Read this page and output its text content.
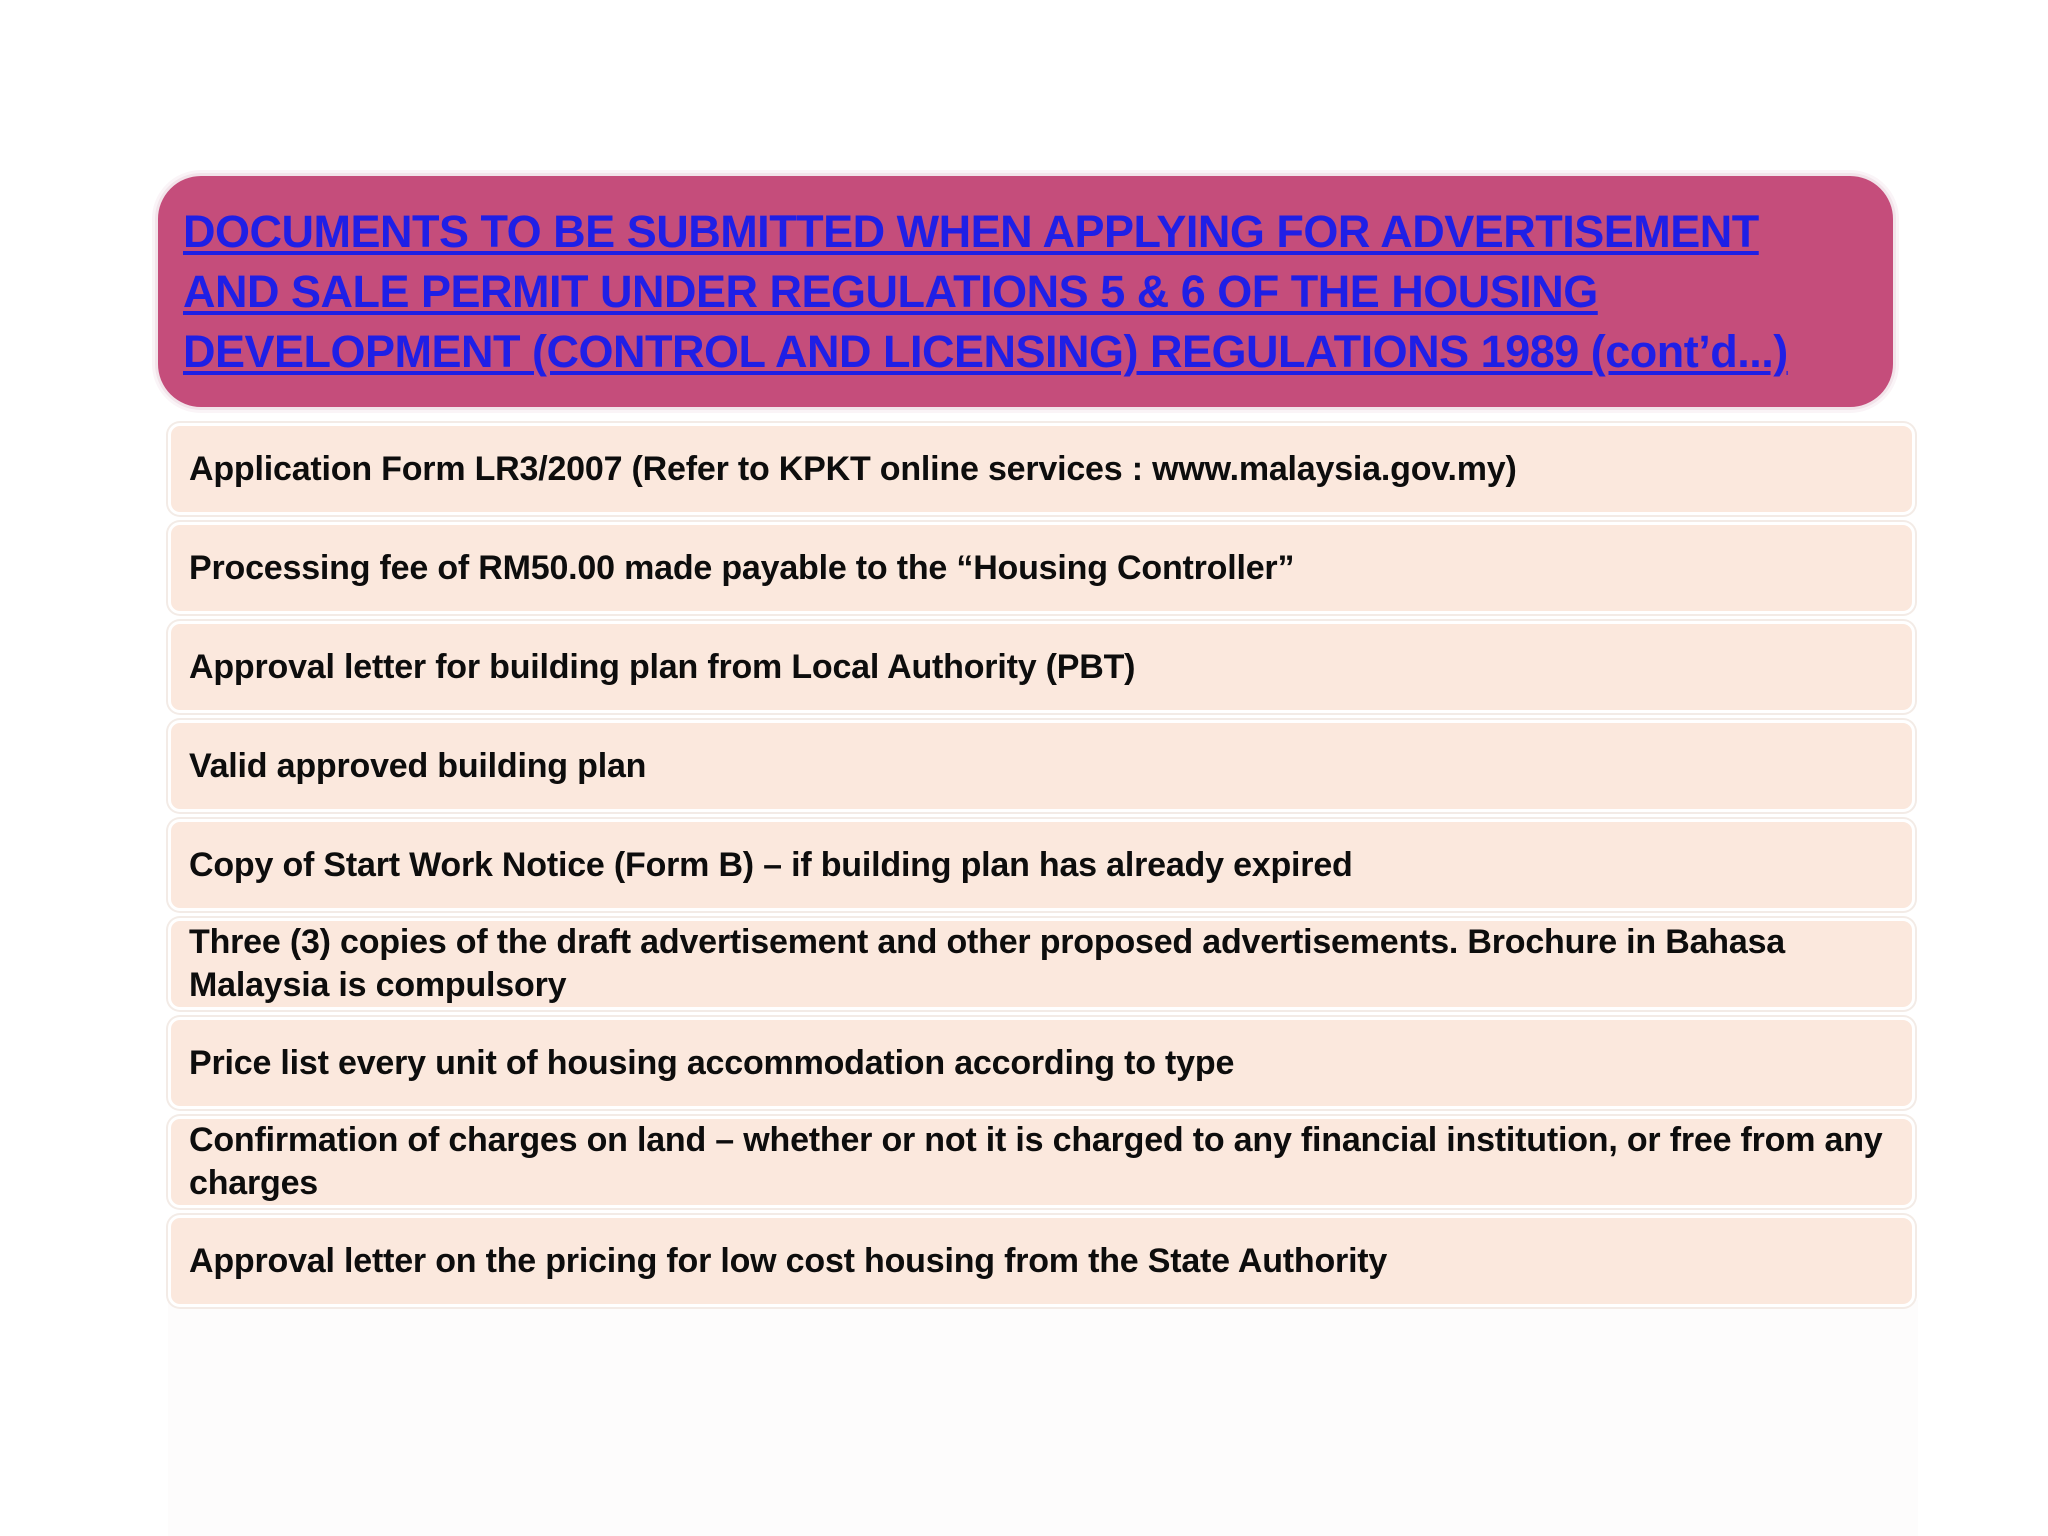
DOCUMENTS TO BE SUBMITTED WHEN APPLYING FOR ADVERTISEMENT AND SALE PERMIT UNDER REGULATIONS 5 & 6 OF THE HOUSING DEVELOPMENT (CONTROL AND LICENSING) REGULATIONS 1989 (cont’d...)

Application Form LR3/2007 (Refer to KPKT online services : www.malaysia.gov.my)
Processing fee of RM50.00 made payable to the “Housing Controller”
Approval letter for building plan from Local Authority (PBT)
Valid approved building plan
Copy of Start Work Notice (Form B) – if building plan has already expired
Three (3) copies of the draft advertisement and other proposed advertisements. Brochure in Bahasa Malaysia is compulsory
Price list every unit of housing accommodation according to type
Confirmation of charges on land – whether or not it is charged to any financial institution, or free from any charges
Approval letter on the pricing for low cost housing from the State Authority
